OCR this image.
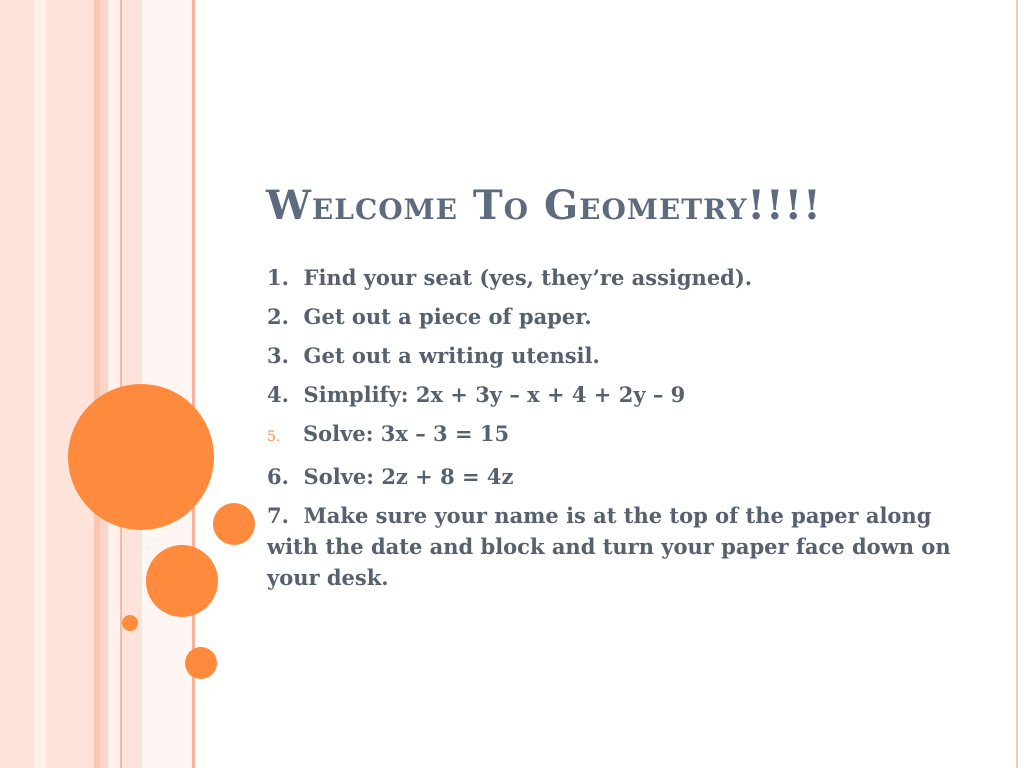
Welcome To Geometry!!!!
1.  Find your seat (yes, they’re assigned).
2.  Get out a piece of paper.
3.  Get out a writing utensil.
4.  Simplify: 2x + 3y – x + 4 + 2y – 9
5. Solve: 3x – 3 = 15
6.  Solve: 2z + 8 = 4z
7.  Make sure your name is at the top of the paper along with the date and block and turn your paper face down on your desk.
